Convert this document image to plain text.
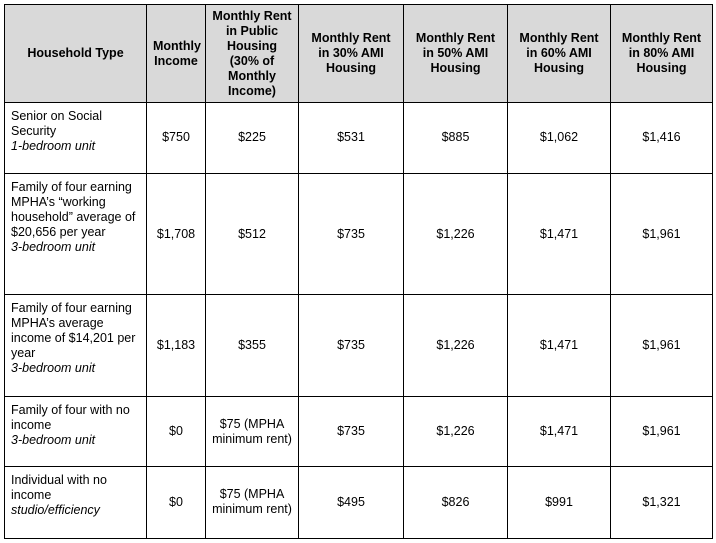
Household Type	Monthly Income	Monthly Rent in Public Housing (30% of Monthly Income)	Monthly Rent in 30% AMI Housing	Monthly Rent in 50% AMI Housing	Monthly Rent in 60% AMI Housing	Monthly Rent in 80% AMI Housing

Senior on Social Security
1-bedroom unit	$750	$225	$531	$885	$1,062	$1,416

Family of four earning MPHA’s “working household” average of $20,656 per year
3-bedroom unit	$1,708	$512	$735	$1,226	$1,471	$1,961

Family of four earning MPHA’s average income of $14,201 per year
3-bedroom unit	$1,183	$355	$735	$1,226	$1,471	$1,961

Family of four with no income
3-bedroom unit	$0	$75 (MPHA minimum rent)	$735	$1,226	$1,471	$1,961

Individual with no income
studio/efficiency	$0	$75 (MPHA minimum rent)	$495	$826	$991	$1,321
